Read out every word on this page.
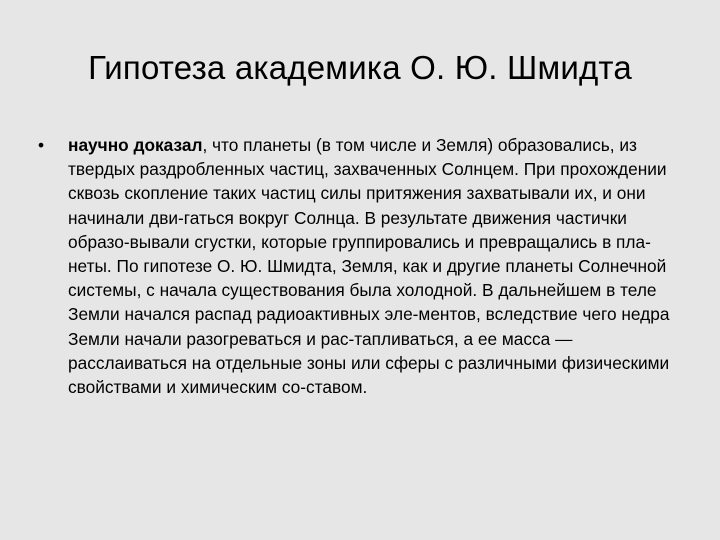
Гипотеза академика О. Ю. Шмидта
•	научно доказал, что планеты (в том числе и Земля) образовались, из твердых раздробленных частиц, захваченных Солнцем. При прохождении сквозь скопление таких частиц силы притяжения захватывали их, и они начинали дви-гаться вокруг Солнца. В результате движения частички образо-вывали сгустки, которые группировались и превращались в пла-неты. По гипотезе О. Ю. Шмидта, Земля, как и другие планеты Солнечной системы, с начала существования была холодной. В дальнейшем в теле Земли начался распад радиоактивных эле-ментов, вследствие чего недра Земли начали разогреваться и рас-тапливаться, а ее масса — расслаиваться на отдельные зоны или сферы с различными физическими свойствами и химическим со-ставом.
